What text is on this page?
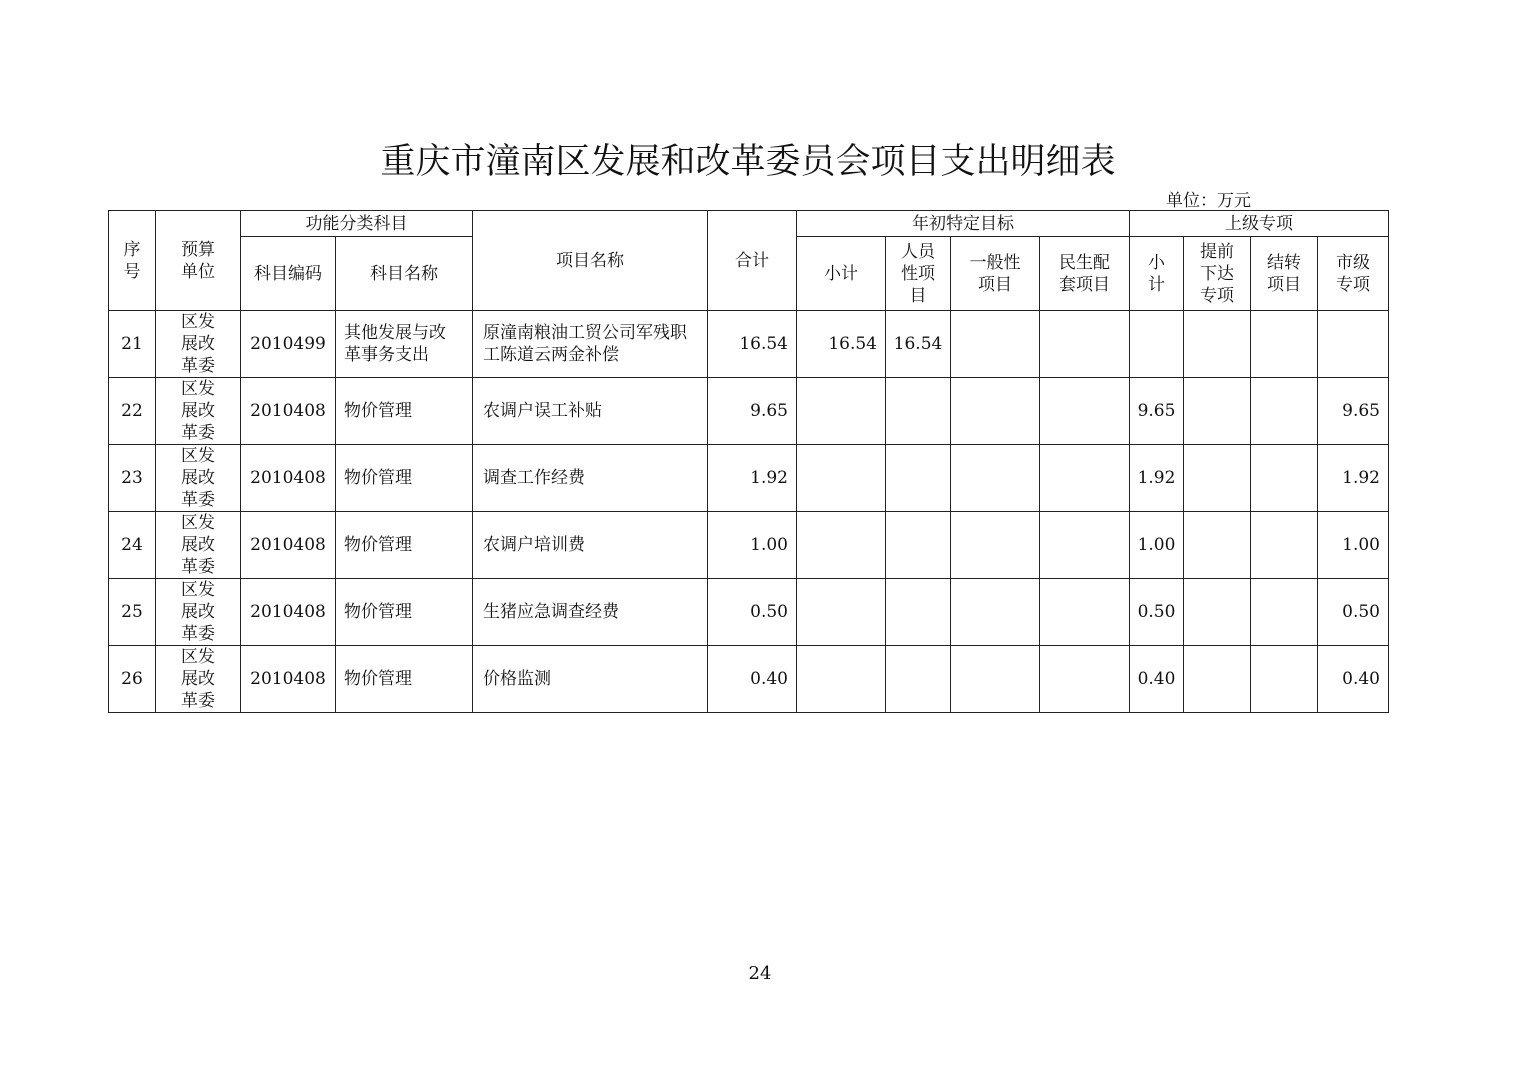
重庆市潼南区发展和改革委员会项目支出明细表
单位：万元
序号	预算单位	功能分类科目		项目名称	合计	年初特定目标				上级专项			
		科目编码	科目名称			小计	人员性项目	一般性项目	民生配套项目	小计	提前下达专项	结转项目	市级专项

21	区发展改革委	2010499	其他发展与改革事务支出	原潼南粮油工贸公司军残职工陈道云两金补偿	16.54	16.54	16.54						
22	区发展改革委	2010408	物价管理	农调户误工补贴	9.65					9.65			9.65
23	区发展改革委	2010408	物价管理	调查工作经费	1.92					1.92			1.92
24	区发展改革委	2010408	物价管理	农调户培训费	1.00					1.00			1.00
25	区发展改革委	2010408	物价管理	生猪应急调查经费	0.50					0.50			0.50
26	区发展改革委	2010408	物价管理	价格监测	0.40					0.40			0.40
24
